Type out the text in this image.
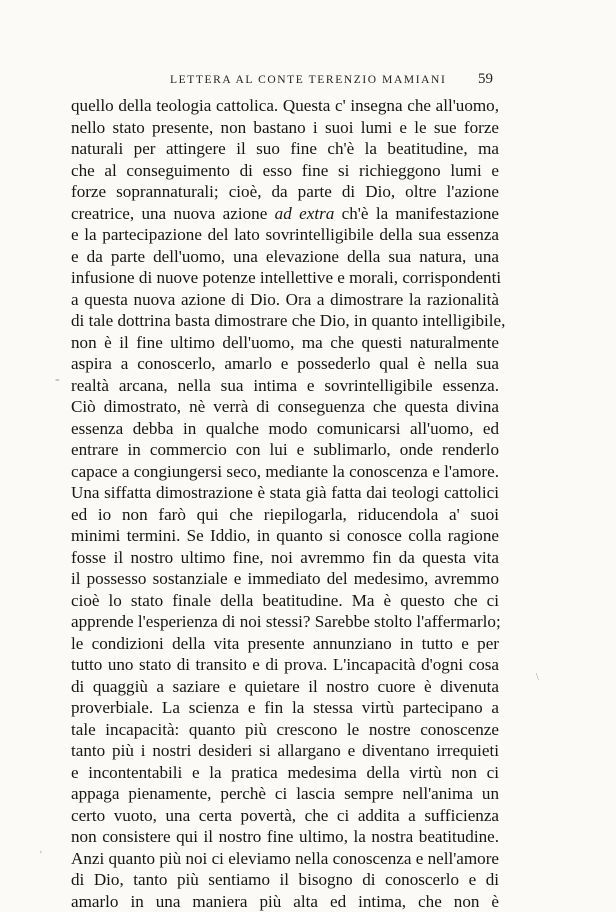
LETTERA AL CONTE TERENZIO MAMIANI 59
quello della teologia cattolica. Questa c' insegna che all'uomo,
nello stato presente, non bastano i suoi lumi e le sue forze
naturali per attingere il suo fine ch'è la beatitudine, ma
che al conseguimento di esso fine si richieggono lumi e
forze soprannaturali; cioè, da parte di Dio, oltre l'azione
creatrice, una nuova azione ad extra ch'è la manifestazione
e la partecipazione del lato sovrintelligibile della sua essenza
e da parte dell'uomo, una elevazione della sua natura, una
infusione di nuove potenze intellettive e morali, corrispondenti
a questa nuova azione di Dio. Ora a dimostrare la razionalità
di tale dottrina basta dimostrare che Dio, in quanto intelligibile,
non è il fine ultimo dell'uomo, ma che questi naturalmente
aspira a conoscerlo, amarlo e possederlo qual è nella sua
realtà arcana, nella sua intima e sovrintelligibile essenza.
Ciò dimostrato, nè verrà di conseguenza che questa divina
essenza debba in qualche modo comunicarsi all'uomo, ed
entrare in commercio con lui e sublimarlo, onde renderlo
capace a congiungersi seco, mediante la conoscenza e l'amore.
Una siffatta dimostrazione è stata già fatta dai teologi cattolici
ed io non farò qui che riepilogarla, riducendola a' suoi
minimi termini. Se Iddio, in quanto si conosce colla ragione
fosse il nostro ultimo fine, noi avremmo fin da questa vita
il possesso sostanziale e immediato del medesimo, avremmo
cioè lo stato finale della beatitudine. Ma è questo che ci
apprende l'esperienza di noi stessi? Sarebbe stolto l'affermarlo;
le condizioni della vita presente annunziano in tutto e per
tutto uno stato di transito e di prova. L'incapacità d'ogni cosa
di quaggiù a saziare e quietare il nostro cuore è divenuta
proverbiale. La scienza e fin la stessa virtù partecipano a
tale incapacità: quanto più crescono le nostre conoscenze
tanto più i nostri desideri si allargano e diventano irrequieti
e incontentabili e la pratica medesima della virtù non ci
appaga pienamente, perchè ci lascia sempre nell'anima un
certo vuoto, una certa povertà, che ci addita a sufficienza
non consistere qui il nostro fine ultimo, la nostra beatitudine.
Anzi quanto più noi ci eleviamo nella conoscenza e nell'amore
di Dio, tanto più sentiamo il bisogno di conoscerlo e di
amarlo in una maniera più alta ed intima, che non è
-
\
'
